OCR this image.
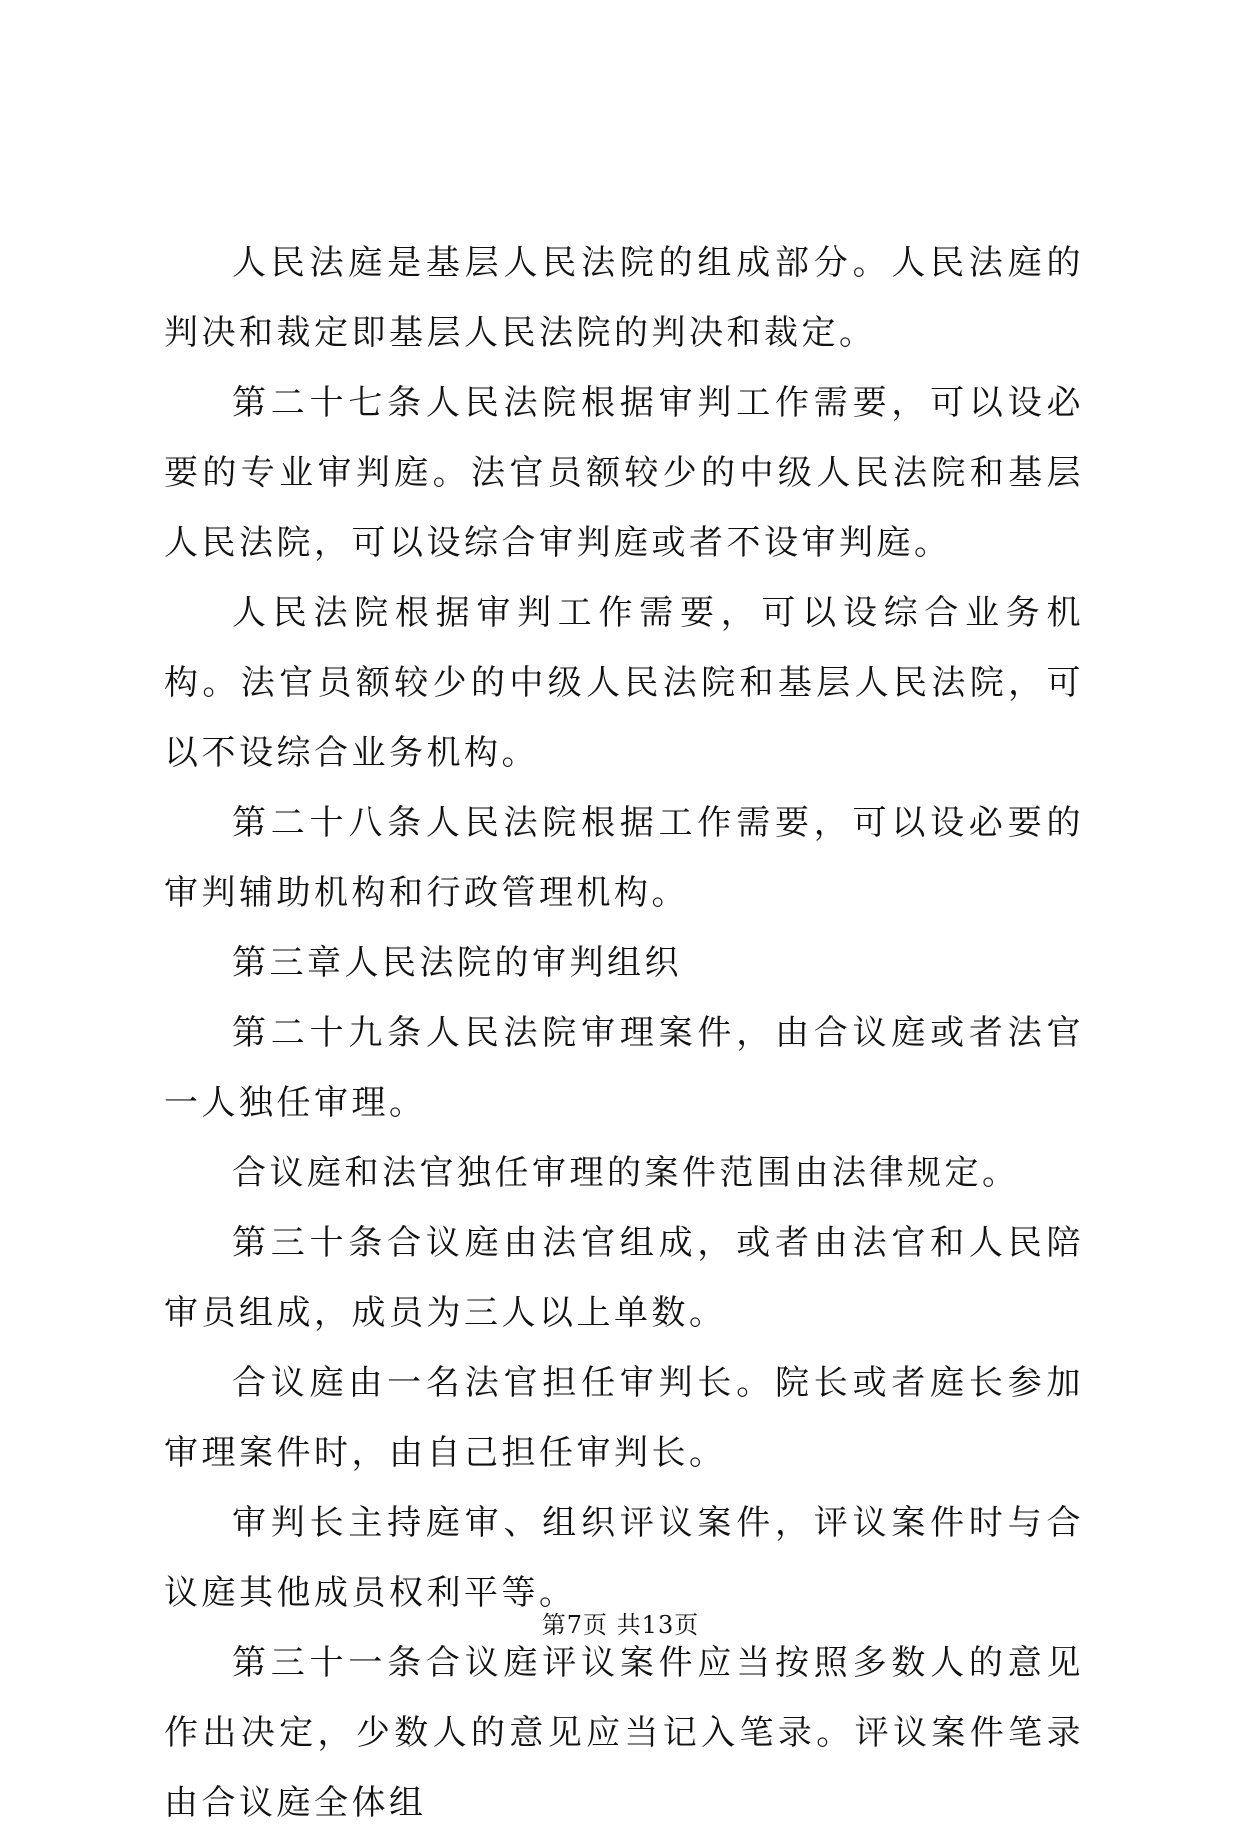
人民法庭是基层人民法院的组成部分。人民法庭的判决和裁定即基层人民法院的判决和裁定。

第二十七条人民法院根据审判工作需要，可以设必要的专业审判庭。法官员额较少的中级人民法院和基层人民法院，可以设综合审判庭或者不设审判庭。

人民法院根据审判工作需要，可以设综合业务机构。法官员额较少的中级人民法院和基层人民法院，可以不设综合业务机构。

第二十八条人民法院根据工作需要，可以设必要的审判辅助机构和行政管理机构。

第三章人民法院的审判组织

第二十九条人民法院审理案件，由合议庭或者法官一人独任审理。

合议庭和法官独任审理的案件范围由法律规定。

第三十条合议庭由法官组成，或者由法官和人民陪审员组成，成员为三人以上单数。

合议庭由一名法官担任审判长。院长或者庭长参加审理案件时，由自己担任审判长。

审判长主持庭审、组织评议案件，评议案件时与合议庭其他成员权利平等。

第三十一条合议庭评议案件应当按照多数人的意见作出决定，少数人的意见应当记入笔录。评议案件笔录由合议庭全体组

第7页 共13页
